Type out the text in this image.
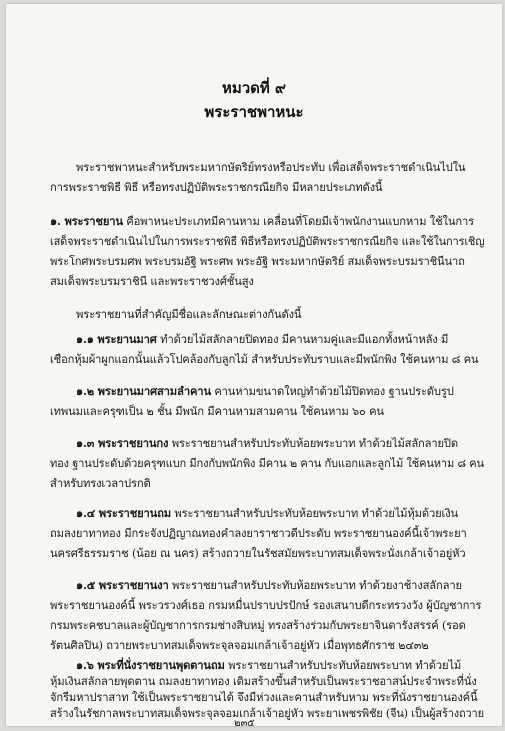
หมวดที่ ๙
พระราชพาหนะ
พระราชพาหนะสำหรับพระมหากษัตริย์ทรงหรือประทับ เพื่อเสด็จพระราชดำเนินไปใน
การพระราชพิธี พิธี หรือทรงปฏิบัติพระราชกรณียกิจ มีหลายประเภทดังนี้
๑. พระราชยาน คือพาหนะประเภทมีคานหาม เคลื่อนที่โดยมีเจ้าพนักงานแบกหาม ใช้ในการ
เสด็จพระราชดำเนินไปในการพระราชพิธี พิธีหรือทรงปฏิบัติพระราชกรณียกิจ และใช้ในการเชิญ
พระโกศพระบรมศพ พระบรมอัฐิ พระศพ พระอัฐิ พระมหากษัตริย์ สมเด็จพระบรมราชินีนาถ
สมเด็จพระบรมราชินี และพระราชวงศ์ชั้นสูง
พระราชยานที่สำคัญมีชื่อและลักษณะต่างกันดังนี้
๑.๑ พระยานมาศ ทำด้วยไม้สลักลายปิดทอง มีคานหามคู่และมีแอกทั้งหน้าหลัง มี
เชือกหุ้มผ้าผูกแอกนั้นแล้วโปคล้องกับลูกไม้ สำหรับประทับราบและมีพนักพิง ใช้คนหาม ๘ คน
๑.๒ พระยานมาศสามลำคาน คานหามขนาดใหญ่ทำด้วยไม้ปิดทอง ฐานประดับรูป
เทพนมและครุฑเป็น ๒ ชั้น มีพนัก มีคานหามสามคาน ใช้คนหาม ๖๐ คน
๑.๓ พระราชยานกง พระราชยานสำหรับประทับห้อยพระบาท ทำด้วยไม้สลักลายปิด
ทอง ฐานประดับด้วยครุฑแบก มีกงกับพนักพิง มีคาน ๒ คาน กับแอกและลูกไม้ ใช้คนหาม ๘ คน
สำหรับทรงเวลาปรกติ
๑.๔ พระราชยานถม พระราชยานสำหรับประทับห้อยพระบาท ทำด้วยไม้หุ้มด้วยเงิน
ถมลงยาทาทอง มีกระจังปฏิญาณทองคำลงยาราชาวดีประดับ พระราชยานองค์นี้เจ้าพระยา
นครศรีธรรมราช (น้อย ณ นคร) สร้างถวายในรัชสมัยพระบาทสมเด็จพระนั่งเกล้าเจ้าอยู่หัว
๑.๕ พระราชยานงา พระราชยานสำหรับประทับห้อยพระบาท ทำด้วยงาช้างสลักลาย
พระราชยานองค์นี้ พระวรวงศ์เธอ กรมหมื่นปราบปรปักษ์ รองเสนาบดีกระทรวงวัง ผู้บัญชาการ
กรมพระคชบาลและผู้บัญชาการกรมช่างสิบหมู่ ทรงสร้างร่วมกับพระยาจินดารังสรรค์ (รอด
รัตนศิลปิน) ถวายพระบาทสมเด็จพระจุลจอมเกล้าเจ้าอยู่หัว เมื่อพุทธศักราช ๒๔๓๒
๑.๖ พระที่นั่งราชยานพุดตานถม พระราชยานสำหรับประทับห้อยพระบาท ทำด้วยไม้
หุ้มเงินสลักลายพุดตาน ถมลงยาทาทอง เดิมสร้างขึ้นสำหรับเป็นพระราชอาสน์ประจำพระที่นั่ง
จักรีมหาปราสาท ใช้เป็นพระราชยานได้ จึงมีห่วงและคานสำหรับหาม พระที่นั่งราชยานองค์นี้
สร้างในรัชกาลพระบาทสมเด็จพระจุลจอมเกล้าเจ้าอยู่หัว พระยาเพชรพิชัย (จีน) เป็นผู้สร้างถวาย
๒๓๕
